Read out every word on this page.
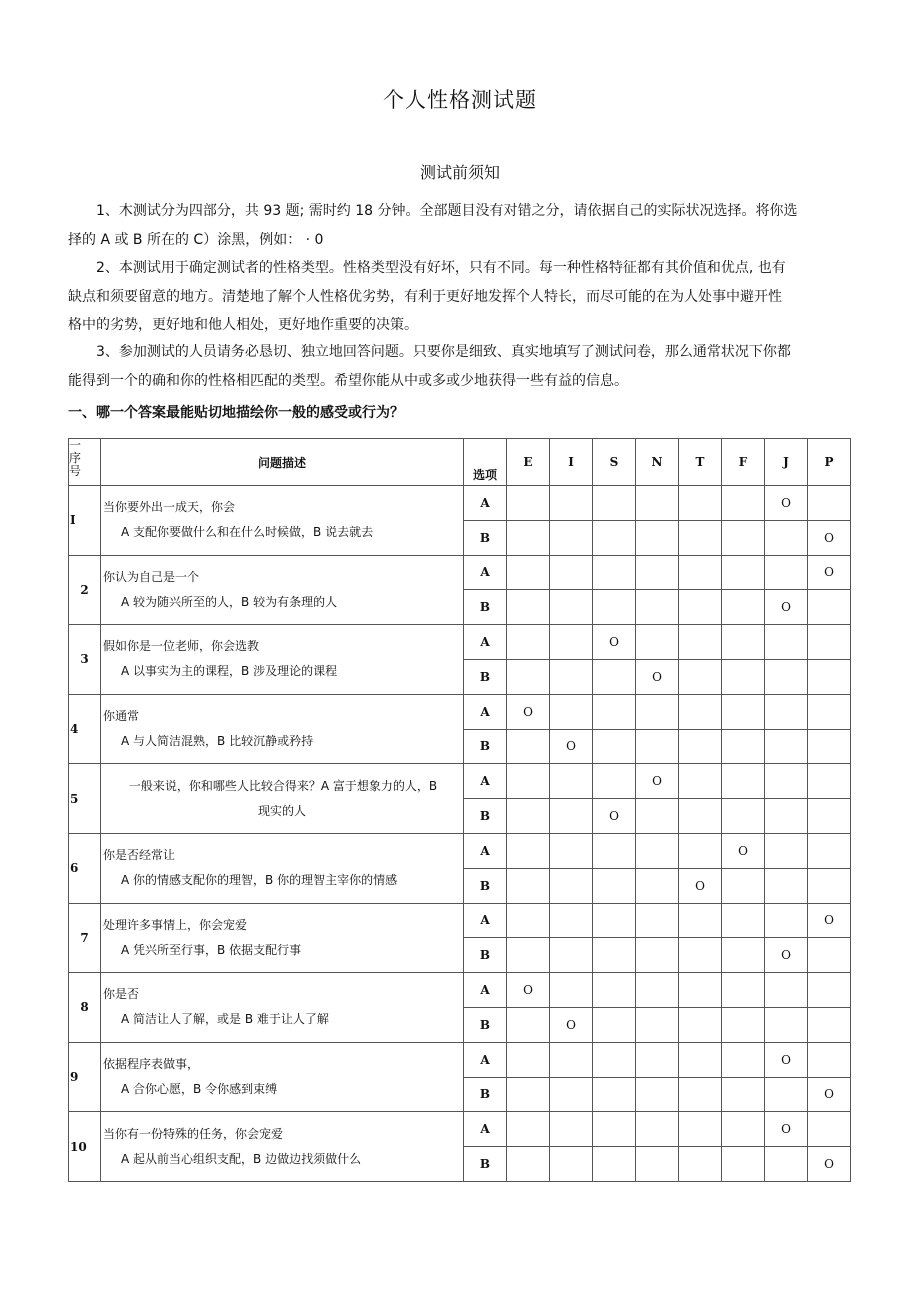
个人性格测试题
测试前须知
1、木测试分为四部分，共 93 题; 需时约 18 分钟。全部题目没有对错之分，请依据自己的实际状况选择。将你选
择的 A 或 B 所在的 C）涂黑，例如： · 0
2、本测试用于确定测试者的性格类型。性格类型没有好坏，只有不同。每一种性格特征都有其价值和优点, 也有
缺点和须要留意的地方。清楚地了解个人性格优劣势，有利于更好地发挥个人特长，而尽可能的在为人处事中避开性
格中的劣势，更好地和他人相处，更好地作重要的决策。
3、参加测试的人员请务必恳切、独立地回答问题。只要你是细致、真实地填写了测试问卷，那么通常状况下你都
能得到一个的确和你的性格相匹配的类型。希望你能从中或多或少地获得一些有益的信息。
一、哪一个答案最能贴切地描绘你一般的感受或行为？
一
序
号	问题描述	选项	E	I	S	N	T	F	J	P
I	当你要外出一成天，你会
A 支配你要做什么和在什么时候做，B 说去就去	A							O	
		B								O
2	你认为自己是一个
A 较为随兴所至的人，B 较为有条理的人	A								O
		B							O	
3	假如你是一位老师，你会选教
A 以事实为主的课程，B 涉及理论的课程	A			O					
		B				O				
4	你通常
A 与人简洁混熟，B 比较沉静或矜持	A	O							
		B		O						
5	一般来说，你和哪些人比较合得来？A 富于想象力的人，B
现实的人	A				O				
		B			O					
6	你是否经常让
A 你的情感支配你的理智，B 你的理智主宰你的情感	A						O		
		B					O			
7	处理许多事情上，你会宠爱
A 凭兴所至行事，B 依据支配行事	A								O
		B							O	
8	你是否
A 简洁让人了解，或是 B 难于让人了解	A	O							
		B		O						
9	依据程序表做事，
A 合你心愿，B 令你感到束缚	A							O	
		B								O
10	当你有一份特殊的任务，你会宠爱
A 起从前当心组织支配，B 边做边找须做什么	A							O	
		B								O
